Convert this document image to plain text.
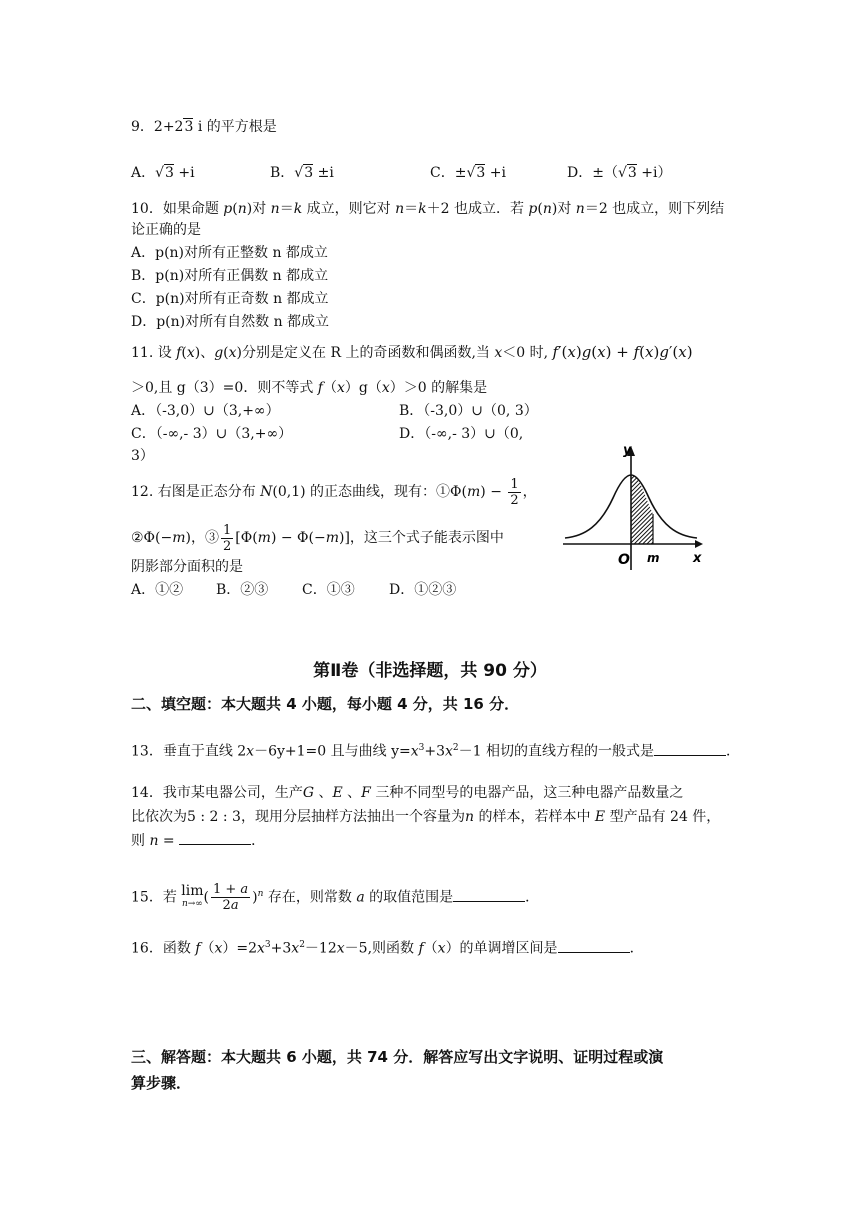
9．2+23 i 的平方根是
A．√3 +i	B．√3 ±i	C．±√3 +i	D．±（√3 +i）
10．如果命题 p(n)对 n＝k 成立，则它对 n＝k＋2 也成立．若 p(n)对 n＝2 也成立，则下列结
论正确的是
A．p(n)对所有正整数 n 都成立
B．p(n)对所有正偶数 n 都成立
C．p(n)对所有正奇数 n 都成立
D．p(n)对所有自然数 n 都成立
11. 设 f(x)、g(x)分别是定义在 R 上的奇函数和偶函数,当 x＜0 时, f′(x)g(x) + f(x)g′(x)
＞0,且 g（3）=0．则不等式 f（x）g（x）＞0 的解集是
A．（-3,0）∪（3,+∞）	B．（-3,0）∪（0, 3）
C．（-∞,- 3）∪（3,+∞）	D．（-∞,- 3）∪（0,
3）
12. 右图是正态分布 N(0,1) 的正态曲线，现有：①Φ(m) − $\frac{1}{2}$ ，
②Φ(−m)，③ $\frac{1}{2} [\Phi(m) - \Phi(-m)]$，这三个式子能表示图中
阴影部分面积的是
A．①② B．②③ C．①③ D．①②③
y
x
O m
第Ⅱ卷（非选择题，共 90 分）
二、填空题：本大题共 4 小题，每小题 4 分，共 16 分．
13．垂直于直线 2x－6y+1=0 且与曲线 $y=x^3+3x^2-1$ 相切的直线方程的一般式是	．
14．我市某电器公司，生产G 、E 、F 三种不同型号的电器产品，这三种电器产品数量之
比依次为5 : 2 : 3，现用分层抽样方法抽出一个容量为n 的样本，若样本中 E 型产品有 24 件，
则 n =	．
15．若 lim
n→∞ ( $\frac{1 + a}{2a} )^n$ 存在，则常数 a 的取值范围是	．
16．函数 $f(x)=2x^3+3x^2-12x-5$,则函数 f（x）的单调增区间是	．
三、解答题：本大题共 6 小题，共 74 分．解答应写出文字说明、证明过程或演
算步骤．
